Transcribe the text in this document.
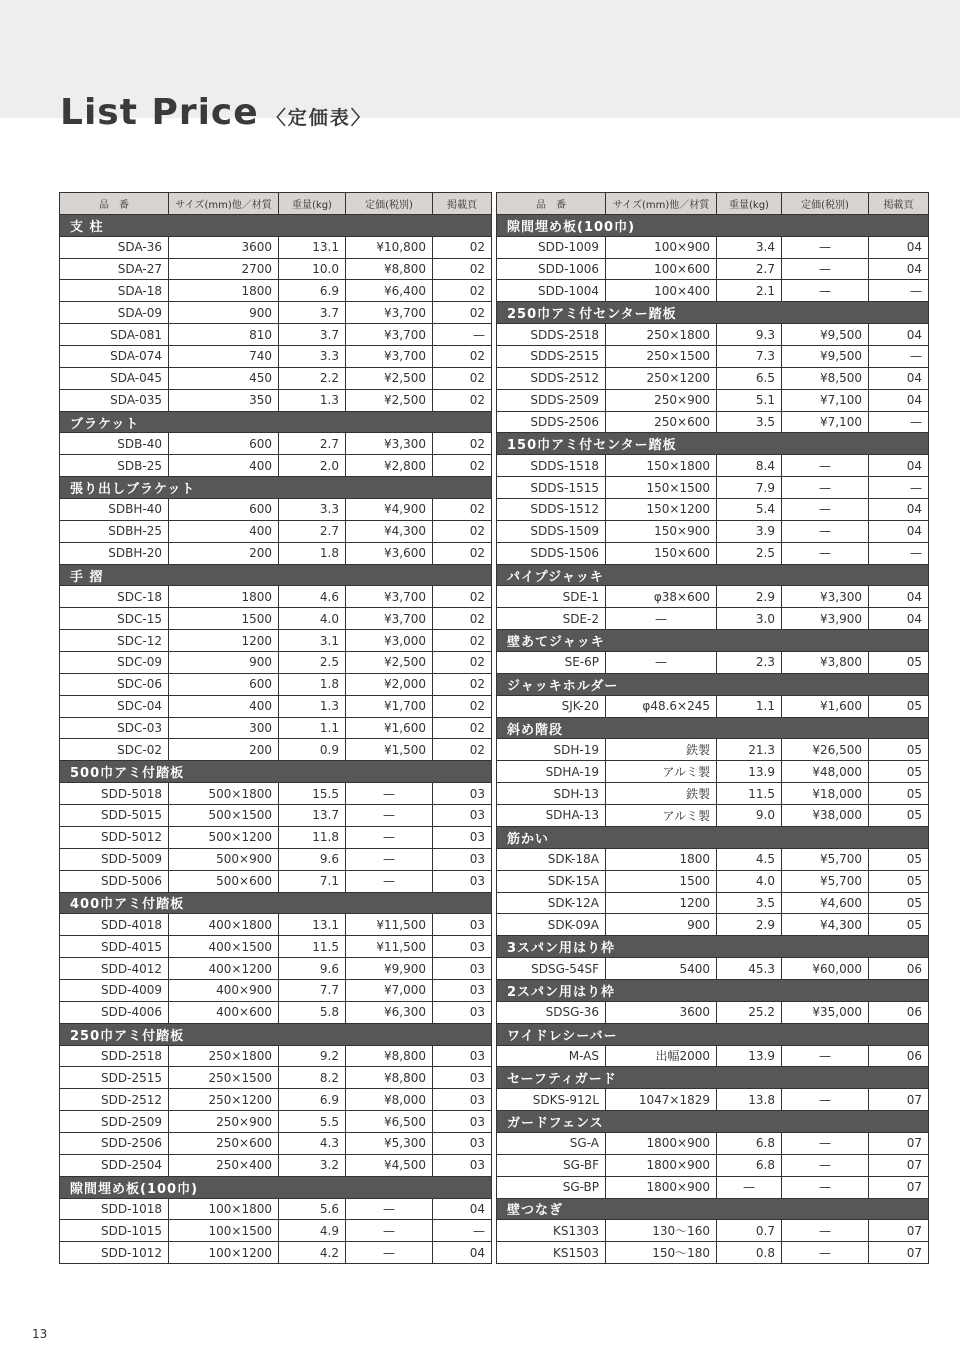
List Price 〈定価表〉
品　番	サイズ(mm)他／材質	重量(kg)	定価(税別)	掲載頁
支 柱				
SDA-36	3600	13.1	¥10,800	02
SDA-27	2700	10.0	¥8,800	02
SDA-18	1800	6.9	¥6,400	02
SDA-09	900	3.7	¥3,700	02
SDA-081	810	3.7	¥3,700	—
SDA-074	740	3.3	¥3,700	02
SDA-045	450	2.2	¥2,500	02
SDA-035	350	1.3	¥2,500	02
ブラケット				
SDB-40	600	2.7	¥3,300	02
SDB-25	400	2.0	¥2,800	02
張り出しブラケット				
SDBH-40	600	3.3	¥4,900	02
SDBH-25	400	2.7	¥4,300	02
SDBH-20	200	1.8	¥3,600	02
手 摺				
SDC-18	1800	4.6	¥3,700	02
SDC-15	1500	4.0	¥3,700	02
SDC-12	1200	3.1	¥3,000	02
SDC-09	900	2.5	¥2,500	02
SDC-06	600	1.8	¥2,000	02
SDC-04	400	1.3	¥1,700	02
SDC-03	300	1.1	¥1,600	02
SDC-02	200	0.9	¥1,500	02
500巾アミ付踏板				
SDD-5018	500×1800	15.5	—	03
SDD-5015	500×1500	13.7	—	03
SDD-5012	500×1200	11.8	—	03
SDD-5009	500×900	9.6	—	03
SDD-5006	500×600	7.1	—	03
400巾アミ付踏板				
SDD-4018	400×1800	13.1	¥11,500	03
SDD-4015	400×1500	11.5	¥11,500	03
SDD-4012	400×1200	9.6	¥9,900	03
SDD-4009	400×900	7.7	¥7,000	03
SDD-4006	400×600	5.8	¥6,300	03
250巾アミ付踏板				
SDD-2518	250×1800	9.2	¥8,800	03
SDD-2515	250×1500	8.2	¥8,800	03
SDD-2512	250×1200	6.9	¥8,000	03
SDD-2509	250×900	5.5	¥6,500	03
SDD-2506	250×600	4.3	¥5,300	03
SDD-2504	250×400	3.2	¥4,500	03
隙間埋め板(100巾)				
SDD-1018	100×1800	5.6	—	04
SDD-1015	100×1500	4.9	—	—
SDD-1012	100×1200	4.2	—	04
品　番	サイズ(mm)他／材質	重量(kg)	定価(税別)	掲載頁
隙間埋め板(100巾)				
SDD-1009	100×900	3.4	—	04
SDD-1006	100×600	2.7	—	04
SDD-1004	100×400	2.1	—	—
250巾アミ付センター踏板				
SDDS-2518	250×1800	9.3	¥9,500	04
SDDS-2515	250×1500	7.3	¥9,500	—
SDDS-2512	250×1200	6.5	¥8,500	04
SDDS-2509	250×900	5.1	¥7,100	04
SDDS-2506	250×600	3.5	¥7,100	—
150巾アミ付センター踏板				
SDDS-1518	150×1800	8.4	—	04
SDDS-1515	150×1500	7.9	—	—
SDDS-1512	150×1200	5.4	—	04
SDDS-1509	150×900	3.9	—	04
SDDS-1506	150×600	2.5	—	—
パイプジャッキ				
SDE-1	φ38×600	2.9	¥3,300	04
SDE-2	—	3.0	¥3,900	04
壁あてジャッキ				
SE-6P	—	2.3	¥3,800	05
ジャッキホルダー				
SJK-20	φ48.6×245	1.1	¥1,600	05
斜め階段				
SDH-19	鉄製	21.3	¥26,500	05
SDHA-19	アルミ製	13.9	¥48,000	05
SDH-13	鉄製	11.5	¥18,000	05
SDHA-13	アルミ製	9.0	¥38,000	05
筋かい				
SDK-18A	1800	4.5	¥5,700	05
SDK-15A	1500	4.0	¥5,700	05
SDK-12A	1200	3.5	¥4,600	05
SDK-09A	900	2.9	¥4,300	05
3スパン用はり枠				
SDSG-54SF	5400	45.3	¥60,000	06
2スパン用はり枠				
SDSG-36	3600	25.2	¥35,000	06
ワイドレシーバー				
M-AS	出幅2000	13.9	—	06
セーフティガード				
SDKS-912L	1047×1829	13.8	—	07
ガードフェンス				
SG-A	1800×900	6.8	—	07
SG-BF	1800×900	6.8	—	07
SG-BP	1800×900	—	—	07
壁つなぎ				
KS1303	130〜160	0.7	—	07
KS1503	150〜180	0.8	—	07
13
